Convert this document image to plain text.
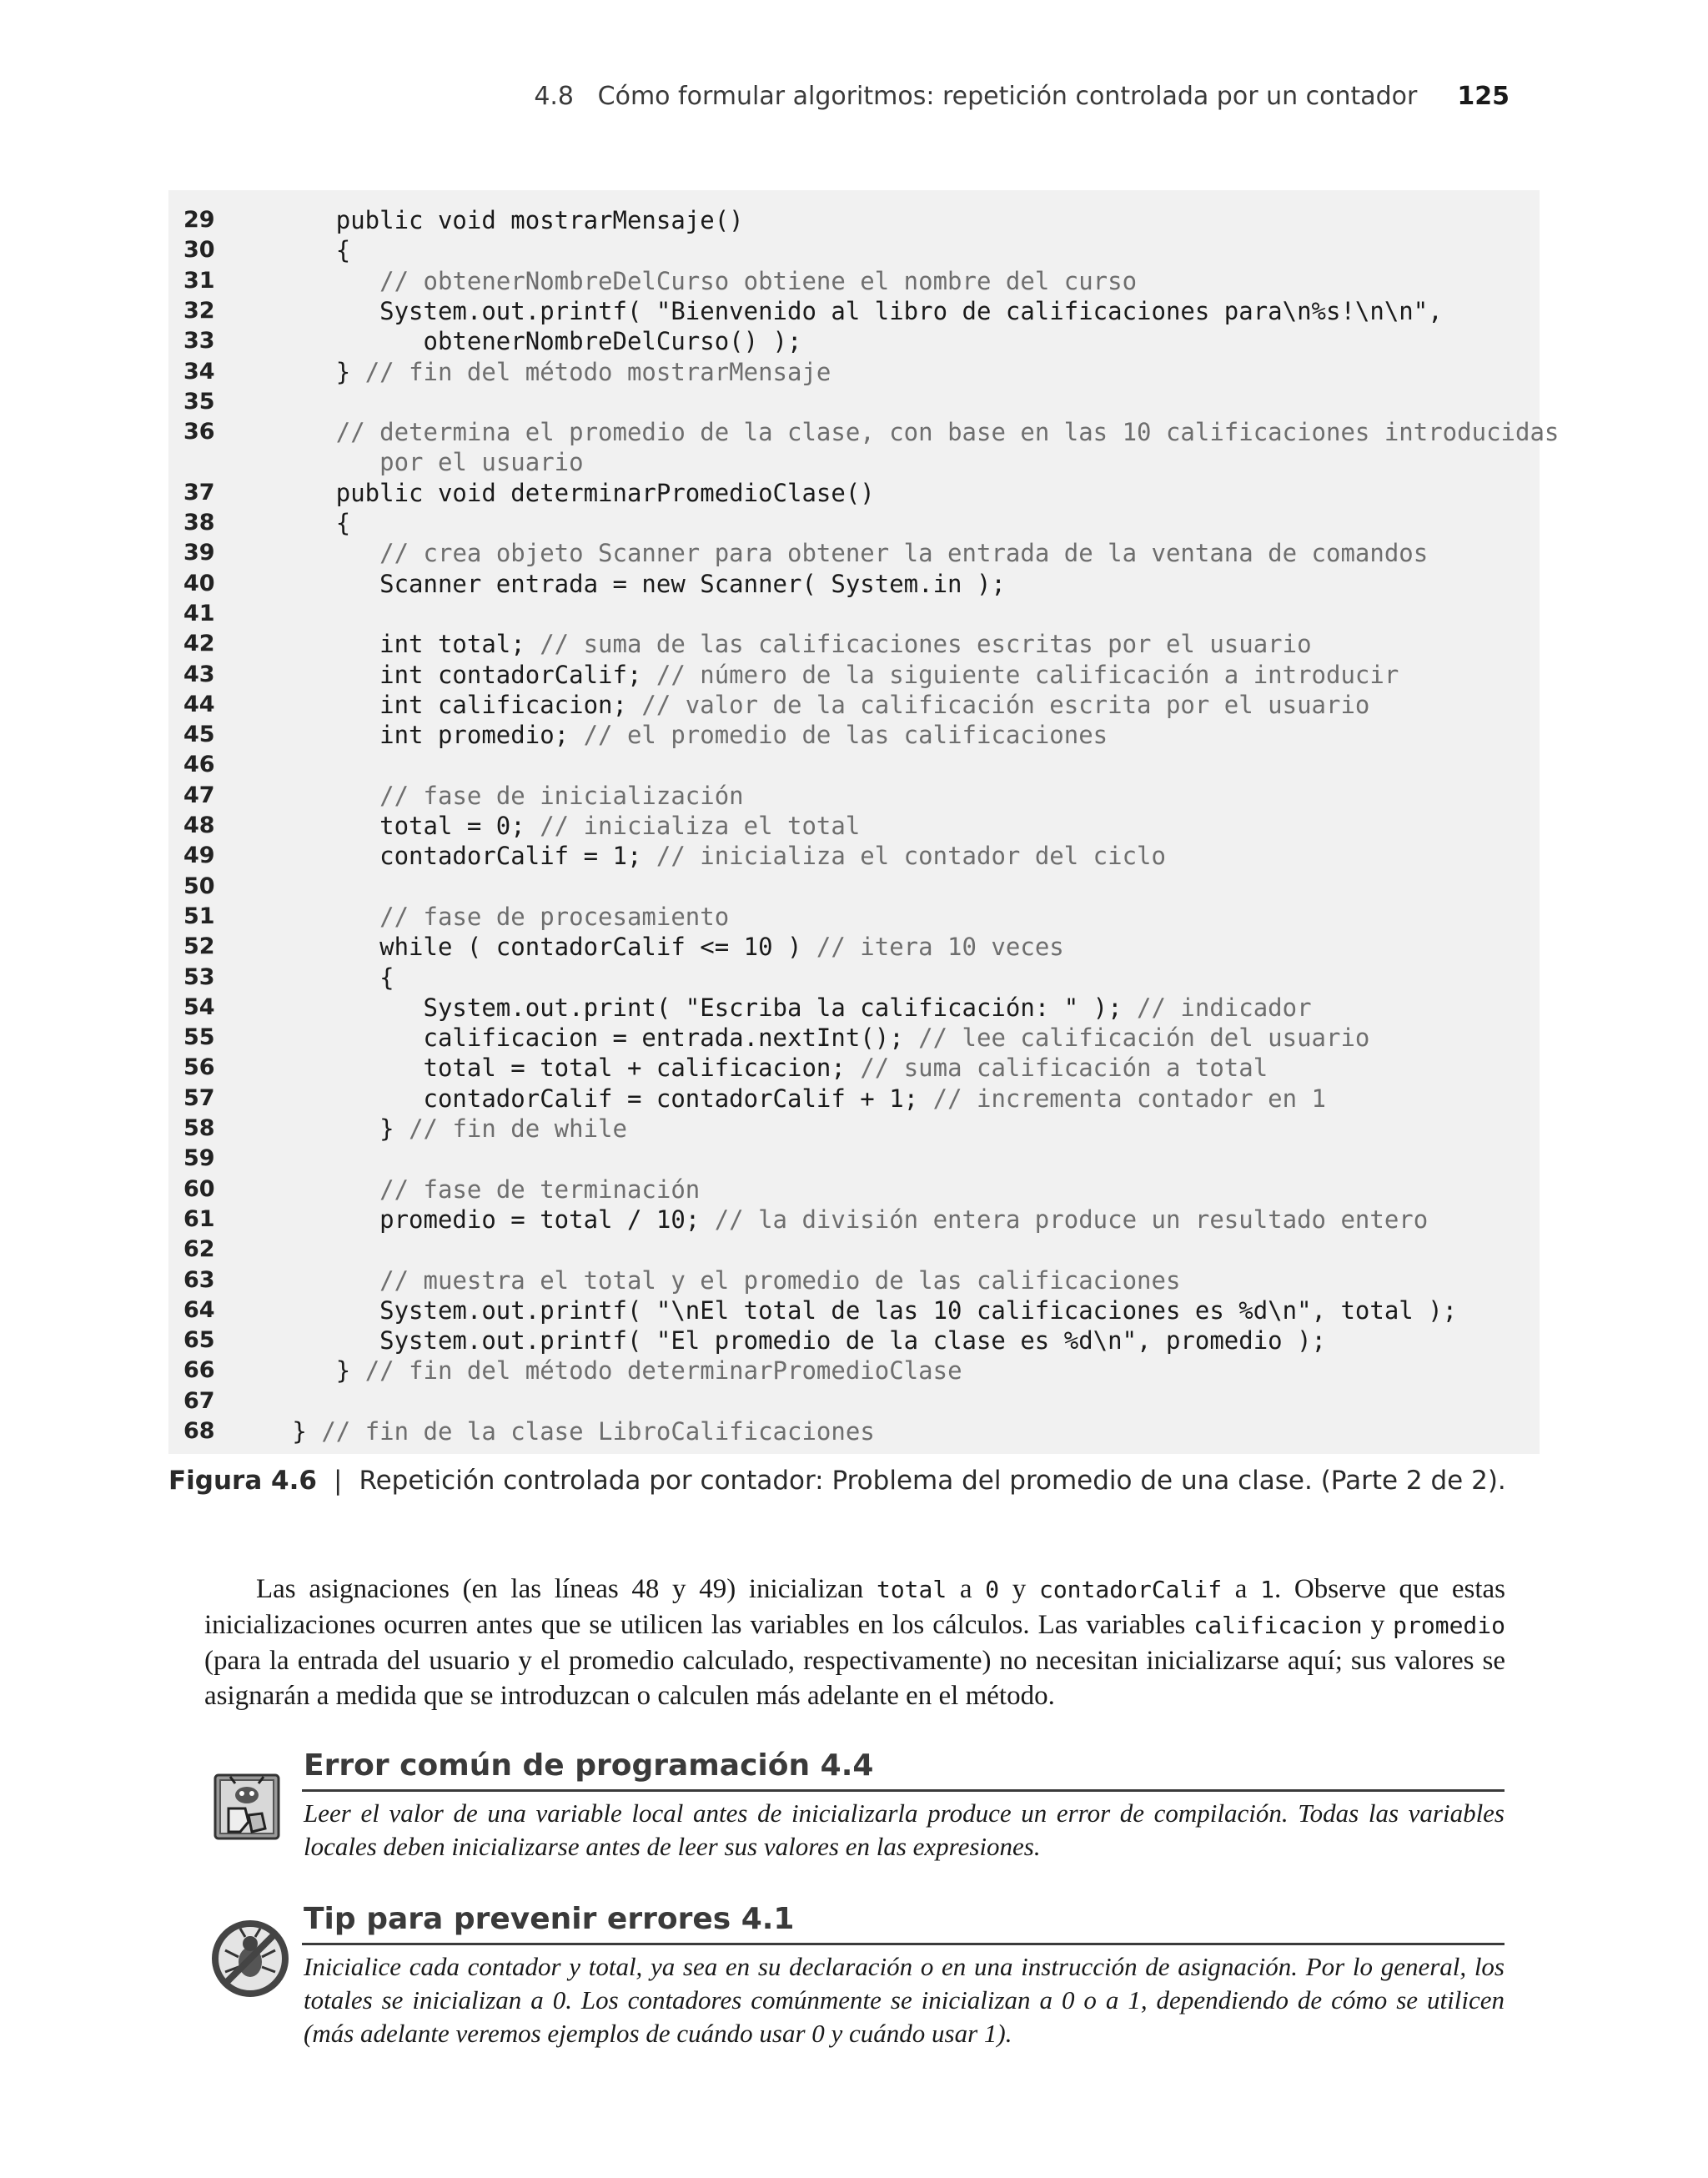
4.8 Cómo formular algoritmos: repetición controlada por un contador 125
29	public void mostrarMensaje()
30	{
31	// obtenerNombreDelCurso obtiene el nombre del curso
32	System.out.printf( "Bienvenido al libro de calificaciones para\n%s!\n\n",
33	obtenerNombreDelCurso() );
34	} // fin del método mostrarMensaje
35
36	// determina el promedio de la clase, con base en las 10 calificaciones introducidas
por el usuario
37	public void determinarPromedioClase()
38	{
39	// crea objeto Scanner para obtener la entrada de la ventana de comandos
40	Scanner entrada = new Scanner( System.in );
41
42	int total; // suma de las calificaciones escritas por el usuario
43	int contadorCalif; // número de la siguiente calificación a introducir
44	int calificacion; // valor de la calificación escrita por el usuario
45	int promedio; // el promedio de las calificaciones
46
47	// fase de inicialización
48	total = 0; // inicializa el total
49	contadorCalif = 1; // inicializa el contador del ciclo
50
51	// fase de procesamiento
52	while ( contadorCalif <= 10 ) // itera 10 veces
53	{
54	System.out.print( "Escriba la calificación: " ); // indicador
55	calificacion = entrada.nextInt(); // lee calificación del usuario
56	total = total + calificacion; // suma calificación a total
57	contadorCalif = contadorCalif + 1; // incrementa contador en 1
58	} // fin de while
59
60	// fase de terminación
61	promedio = total / 10; // la división entera produce un resultado entero
62
63	// muestra el total y el promedio de las calificaciones
64	System.out.printf( "\nEl total de las 10 calificaciones es %d\n", total );
65	System.out.printf( "El promedio de la clase es %d\n", promedio );
66	} // fin del método determinarPromedioClase
67
68	} // fin de la clase LibroCalificaciones
Figura 4.6 | Repetición controlada por contador: Problema del promedio de una clase. (Parte 2 de 2).
Las asignaciones (en las líneas 48 y 49) inicializan total a 0 y contadorCalif a 1. Observe que estas inicializaciones ocurren antes que se utilicen las variables en los cálculos. Las variables calificacion y promedio (para la entrada del usuario y el promedio calculado, respectivamente) no necesitan inicializarse aquí; sus valores se asignarán a medida que se introduzcan o calculen más adelante en el método.
Error común de programación 4.4
Leer el valor de una variable local antes de inicializarla produce un error de compilación. Todas las variables locales deben inicializarse antes de leer sus valores en las expresiones.
Tip para prevenir errores 4.1
Inicialice cada contador y total, ya sea en su declaración o en una instrucción de asignación. Por lo general, los totales se inicializan a 0. Los contadores comúnmente se inicializan a 0 o a 1, dependiendo de cómo se utilicen (más adelante veremos ejemplos de cuándo usar 0 y cuándo usar 1).
